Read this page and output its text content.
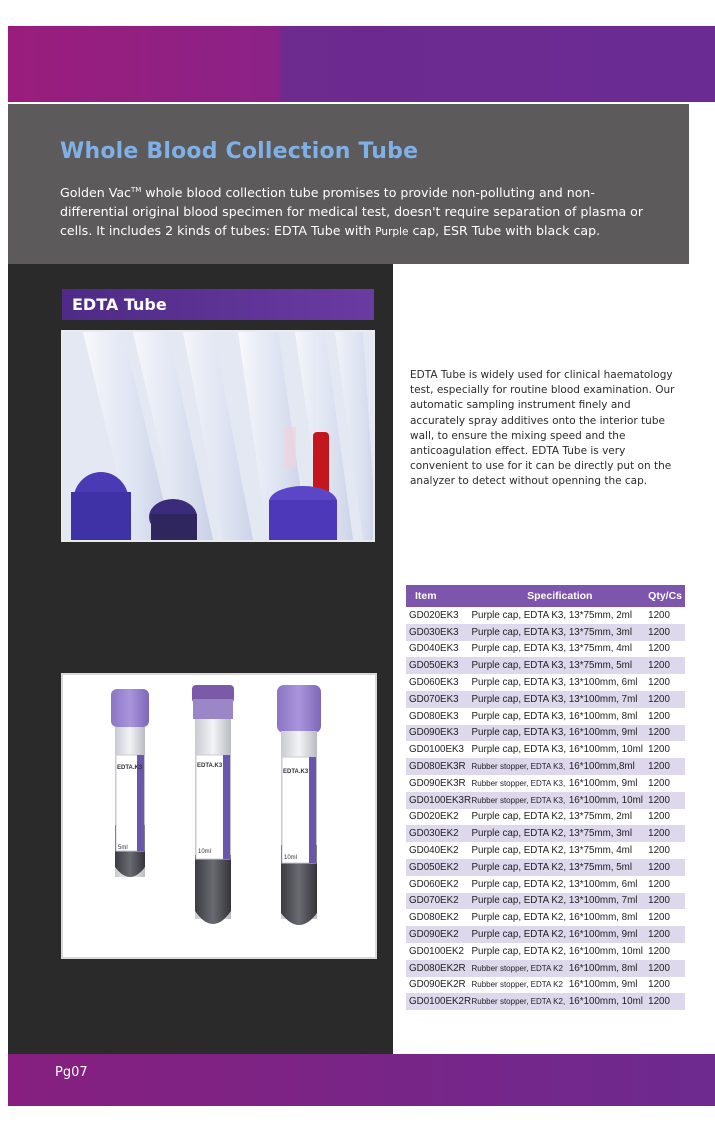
Whole Blood Collection Tube

Golden Vac™ whole blood collection tube promises to provide non-polluting and non-differential original blood specimen for medical test, doesn't require separation of plasma or cells. It includes 2 kinds of tubes: EDTA Tube with Purple cap, ESR Tube with black cap.

EDTA Tube

EDTA Tube is widely used for clinical haematology test, especially for routine blood examination. Our automatic sampling instrument finely and accurately spray additives onto the interior tube wall, to ensure the mixing speed and the anticoagulation effect. EDTA Tube is very convenient to use for it can be directly put on the analyzer to detect without openning the cap.

EDTA.K3
5ml
EDTA.K3
10ml
EDTA.K3
10ml
Item	Specification		Qty/Cs
GD020EK3	Purple cap, EDTA K3,	13*75mm, 2ml	1200
GD030EK3	Purple cap, EDTA K3,	13*75mm, 3ml	1200
GD040EK3	Purple cap, EDTA K3,	13*75mm, 4ml	1200
GD050EK3	Purple cap, EDTA K3,	13*75mm, 5ml	1200
GD060EK3	Purple cap, EDTA K3,	13*100mm, 6ml	1200
GD070EK3	Purple cap, EDTA K3,	13*100mm, 7ml	1200
GD080EK3	Purple cap, EDTA K3,	16*100mm, 8ml	1200
GD090EK3	Purple cap, EDTA K3,	16*100mm, 9ml	1200
GD0100EK3	Purple cap, EDTA K3,	16*100mm, 10ml	1200
GD080EK3R	Rubber stopper, EDTA K3,	16*100mm,8ml	1200
GD090EK3R	Rubber stopper, EDTA K3,	16*100mm, 9ml	1200
GD0100EK3R	Rubber stopper, EDTA K3,	16*100mm, 10ml	1200
GD020EK2	Purple cap, EDTA K2,	13*75mm, 2ml	1200
GD030EK2	Purple cap, EDTA K2,	13*75mm, 3ml	1200
GD040EK2	Purple cap, EDTA K2,	13*75mm, 4ml	1200
GD050EK2	Purple cap, EDTA K2,	13*75mm, 5ml	1200
GD060EK2	Purple cap, EDTA K2,	13*100mm, 6ml	1200
GD070EK2	Purple cap, EDTA K2,	13*100mm, 7ml	1200
GD080EK2	Purple cap, EDTA K2,	16*100mm, 8ml	1200
GD090EK2	Purple cap, EDTA K2,	16*100mm, 9ml	1200
GD0100EK2	Purple cap, EDTA K2,	16*100mm, 10ml	1200
GD080EK2R	Rubber stopper, EDTA K2	16*100mm, 8ml	1200
GD090EK2R	Rubber stopper, EDTA K2	16*100mm, 9ml	1200
GD0100EK2R	Rubber stopper, EDTA K2,	16*100mm, 10ml	1200
Pg07
